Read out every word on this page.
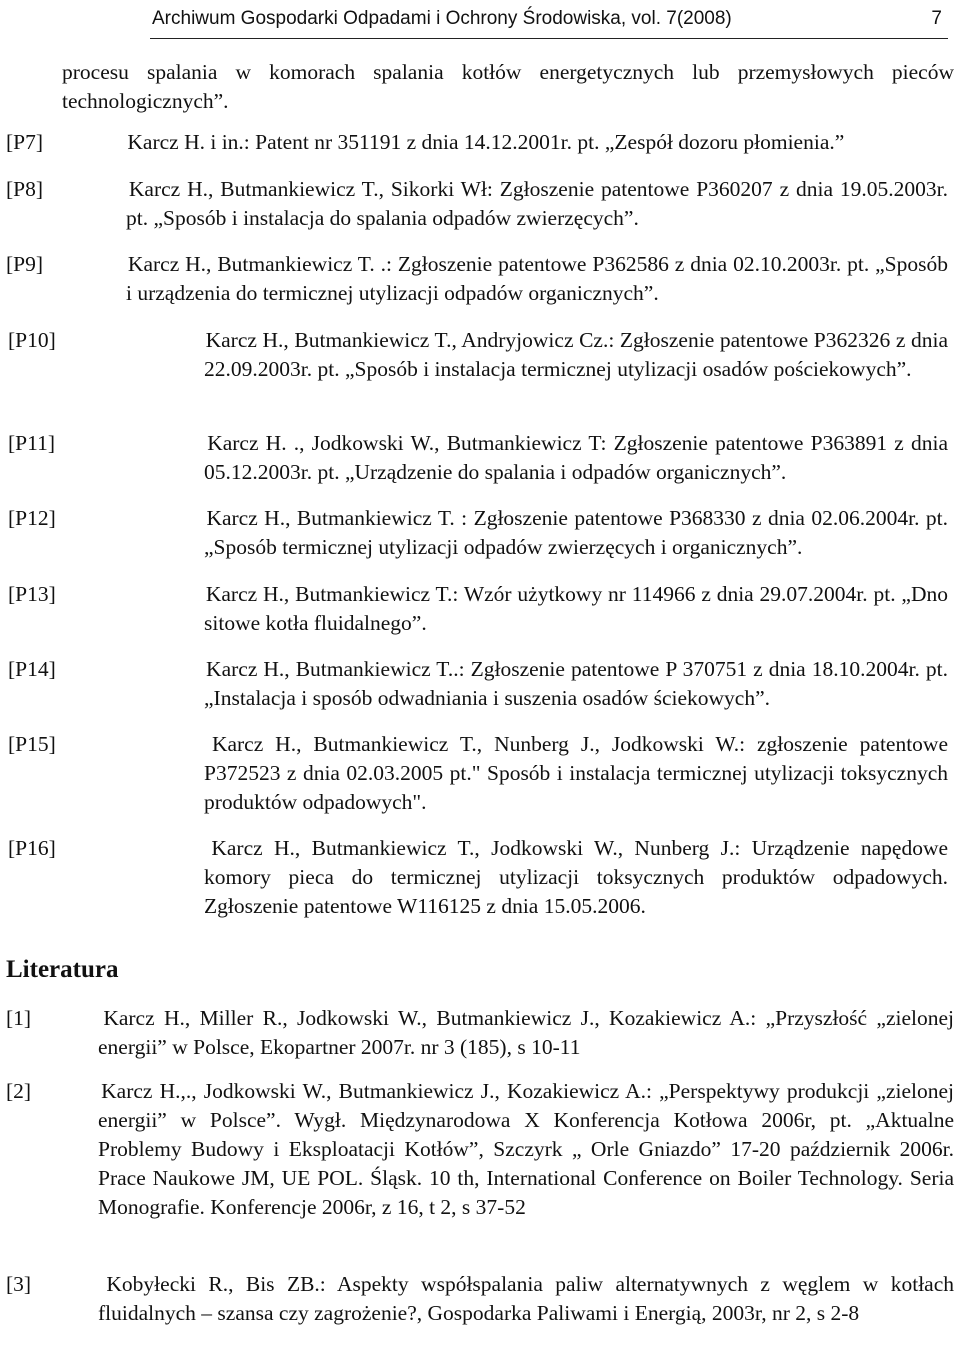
Archiwum Gospodarki Odpadami i Ochrony Środowiska, vol. 7(2008)	7
procesu spalania w komorach spalania kotłów energetycznych lub przemysłowych pieców technologicznych”.
[P7]	Karcz H. i in.: Patent nr 351191 z dnia 14.12.2001r. pt. „Zespół dozoru płomienia.”
[P8]	Karcz H., Butmankiewicz T., Sikorki Wł: Zgłoszenie patentowe P360207 z dnia 19.05.2003r. pt. „Sposób i instalacja do spalania odpadów zwierzęcych”.
[P9]	Karcz H., Butmankiewicz T. .: Zgłoszenie patentowe P362586 z dnia 02.10.2003r. pt. „Sposób i urządzenia do termicznej utylizacji odpadów organicznych”.
[P10]	Karcz H., Butmankiewicz T., Andryjowicz Cz.: Zgłoszenie patentowe P362326 z dnia 22.09.2003r. pt. „Sposób i instalacja termicznej utylizacji osadów pościekowych”.
[P11]	Karcz H. ., Jodkowski W., Butmankiewicz T: Zgłoszenie patentowe P363891 z dnia 05.12.2003r. pt. „Urządzenie do spalania i odpadów organicznych”.
[P12]	Karcz H., Butmankiewicz T. : Zgłoszenie patentowe P368330 z dnia 02.06.2004r. pt. „Sposób termicznej utylizacji odpadów zwierzęcych i organicznych”.
[P13]	Karcz H., Butmankiewicz T.: Wzór użytkowy nr 114966 z dnia 29.07.2004r. pt. „Dno sitowe kotła fluidalnego”.
[P14]	Karcz H., Butmankiewicz T..: Zgłoszenie patentowe P 370751 z dnia 18.10.2004r. pt. „Instalacja i sposób odwadniania i suszenia osadów ściekowych”.
[P15]	Karcz H., Butmankiewicz T., Nunberg J., Jodkowski W.: zgłoszenie patentowe P372523 z dnia 02.03.2005 pt." Sposób i instalacja termicznej utylizacji toksycznych produktów odpadowych".
[P16]	Karcz H., Butmankiewicz T., Jodkowski W., Nunberg J.: Urządzenie napędowe komory pieca do termicznej utylizacji toksycznych produktów odpadowych. Zgłoszenie patentowe W116125 z dnia 15.05.2006.
Literatura
[1]	Karcz H., Miller R., Jodkowski W., Butmankiewicz J., Kozakiewicz A.: „Przyszłość „zielonej energii” w Polsce, Ekopartner 2007r. nr 3 (185), s 10-11
[2]	Karcz H.,., Jodkowski W., Butmankiewicz J., Kozakiewicz A.: „Perspektywy produkcji „zielonej energii” w Polsce”. Wygł. Międzynarodowa X Konferencja Kotłowa 2006r, pt. „Aktualne Problemy Budowy i Eksploatacji Kotłów”, Szczyrk „ Orle Gniazdo” 17-20 październik 2006r. Prace Naukowe JM, UE POL. Śląsk. 10 th, International Conference on Boiler Technology. Seria Monografie. Konferencje 2006r, z 16, t 2, s 37-52
[3]	Kobyłecki R., Bis ZB.: Aspekty współspalania paliw alternatywnych z węglem w kotłach fluidalnych – szansa czy zagrożenie?, Gospodarka Paliwami i Energią, 2003r, nr 2, s 2-8
